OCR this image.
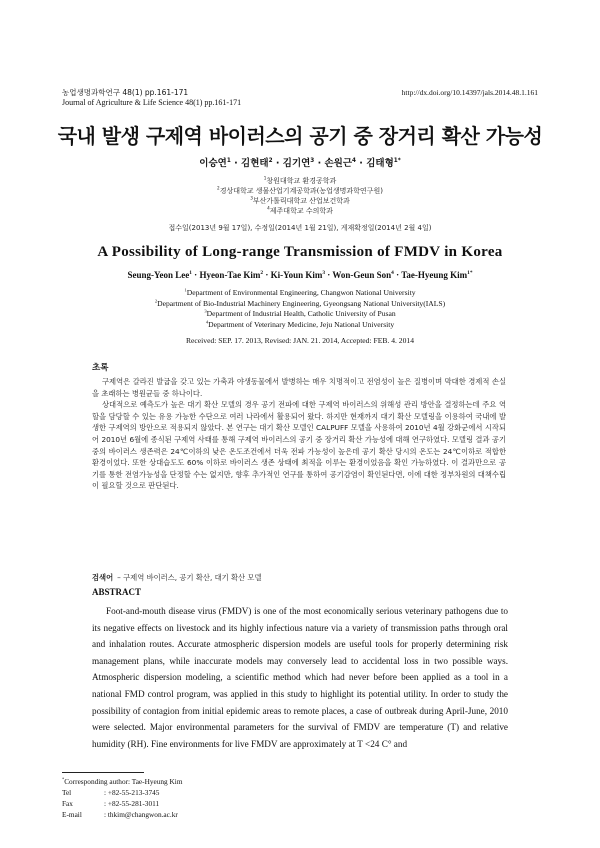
농업생명과학연구 48(1) pp.161-171
Journal of Agriculture & Life Science 48(1) pp.161-171
http://dx.doi.org/10.14397/jals.2014.48.1.161
국내 발생 구제역 바이러스의 공기 중 장거리 확산 가능성
이승연$^1$ · 김현태$^2$ · 김기연$^3$ · 손원근$^4$ · 김태형$^{1*}$
$^1$창원대학교 환경공학과
$^2$경상대학교 생물산업기계공학과(농업생명과학연구원)
$^3$부산가톨릭대학교 산업보건학과
$^4$제주대학교 수의학과
접수일(2013년 9월 17일), 수정일(2014년 1월 21일), 게재확정일(2014년 2월 4일)
A Possibility of Long-range Transmission of FMDV in Korea
Seung-Yeon Lee$^1$ · Hyeon-Tae Kim$^2$ · Ki-Youn Kim$^3$ · Won-Geun Son$^4$ · Tae-Hyeung Kim$^{1*}$
$^1$Department of Environmental Engineering, Changwon National University
$^2$Department of Bio-Industrial Machinery Engineering, Gyeongsang National University(IALS)
$^3$Department of Industrial Health, Catholic University of Pusan
$^4$Department of Veterinary Medicine, Jeju National University
Received: SEP. 17. 2013, Revised: JAN. 21. 2014, Accepted: FEB. 4. 2014
초록

구제역은 갈라진 발굽을 갖고 있는 가축과 야생동물에서 발병하는 매우 치명적이고 전염성이 높은 질병이며 막대한 경제적 손실을 초래하는 병원균들 중 하나이다.

상대적으로 예측도가 높은 대기 확산 모델의 경우 공기 전파에 대한 구제역 바이러스의 위해성 관리 방안을 결정하는데 주요 역할을 담당할 수 있는 유용 가능한 수단으로 여러 나라에서 활용되어 왔다. 하지만 현재까지 대기 확산 모델링을 이용하여 국내에 발생한 구제역의 방안으로 적용되지 않았다. 본 연구는 대기 확산 모델인 CALPUFF 모델을 사용하여 2010년 4월 강화군에서 시작되어 2010년 6월에 종식된 구제역 사태를 통해 구제역 바이러스의 공기 중 장거리 확산 가능성에 대해 연구하였다. 모델링 결과 공기 중의 바이러스 생존력은 24℃이하의 낮은 온도조건에서 더욱 전파 가능성이 높은데 공기 확산 당시의 온도는 24℃이하로 적합한 환경이었다. 또한 상대습도도 60% 이하로 바이러스 생존 상태에 최적을 이루는 환경이었음을 확인 가능하였다. 이 결과만으로 공기를 통한 전염가능성을 단정할 수는 없지만, 향후 추가적인 연구를 통하여 공기감염이 확인된다면, 이에 대한 정부차원의 대책수립이 필요할 것으로 판단된다.

검색어 – 구제역 바이러스, 공기 확산, 대기 확산 모델
ABSTRACT

Foot-and-mouth disease virus (FMDV) is one of the most economically serious veterinary pathogens due to its negative effects on livestock and its highly infectious nature via a variety of transmission paths through oral and inhalation routes. Accurate atmospheric dispersion models are useful tools for properly determining risk management plans, while inaccurate models may conversely lead to accidental loss in two possible ways. Atmospheric dispersion modeling, a scientific method which had never before been applied as a tool in a national FMD control program, was applied in this study to highlight its potential utility. In order to study the possibility of contagion from initial epidemic areas to remote places, a case of outbreak during April-June, 2010 were selected. Major environmental parameters for the survival of FMDV are temperature (T) and relative humidity (RH). Fine environments for live FMDV are approximately at T <24 C° and

*Corresponding author: Tae-Hyeung Kim
Tel	: +82-55-213-3745
Fax	: +82-55-281-3011
E-mail	: thkim@changwon.ac.kr
